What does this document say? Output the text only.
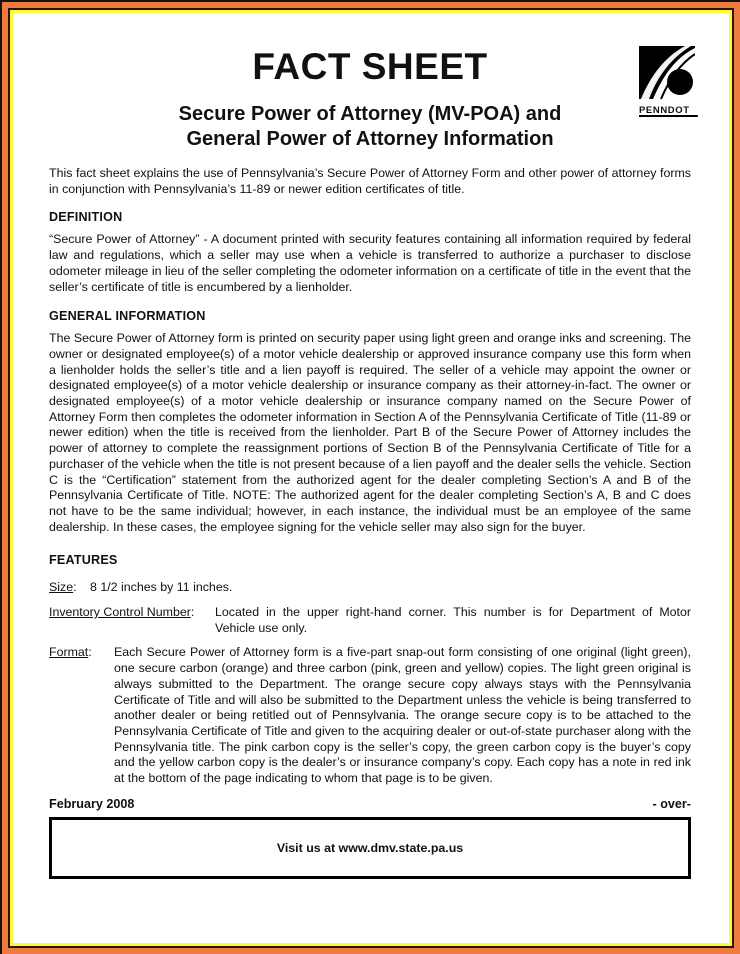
PENNDOT
FACT SHEET
Secure Power of Attorney (MV-POA) and
General Power of Attorney Information

This fact sheet explains the use of Pennsylvania’s Secure Power of Attorney Form and other power of attorney forms in conjunction with Pennsylvania’s 11-89 or newer edition certificates of title.

DEFINITION

“Secure Power of Attorney” - A document printed with security features containing all information required by federal law and regulations, which a seller may use when a vehicle is transferred to authorize a purchaser to disclose odometer mileage in lieu of the seller completing the odometer information on a certificate of title in the event that the seller’s certificate of title is encumbered by a lienholder.

GENERAL INFORMATION

The Secure Power of Attorney form is printed on security paper using light green and orange inks and screening. The owner or designated employee(s) of a motor vehicle dealership or approved insurance company use this form when a lienholder holds the seller’s title and a lien payoff is required. The seller of a vehicle may appoint the owner or designated employee(s) of a motor vehicle dealership or insurance company as their attorney-in-fact. The owner or designated employee(s) of a motor vehicle dealership or insurance company named on the Secure Power of Attorney Form then completes the odometer information in Section A of the Pennsylvania Certificate of Title (11-89 or newer edition) when the title is received from the lienholder. Part B of the Secure Power of Attorney includes the power of attorney to complete the reassignment portions of Section B of the Pennsylvania Certificate of Title for a purchaser of the vehicle when the title is not present because of a lien payoff and the dealer sells the vehicle. Section C is the “Certification” statement from the authorized agent for the dealer completing Section’s A and B of the Pennsylvania Certificate of Title. NOTE: The authorized agent for the dealer completing Section’s A, B and C does not have to be the same individual; however, in each instance, the individual must be an employee of the same dealership. In these cases, the employee signing for the vehicle seller may also sign for the buyer.

FEATURES
Size: 8 1/2 inches by 11 inches.
Inventory Control Number: Located in the upper right-hand corner. This number is for Department of Motor Vehicle use only.
Format: Each Secure Power of Attorney form is a five-part snap-out form consisting of one original (light green), one secure carbon (orange) and three carbon (pink, green and yellow) copies. The light green original is always submitted to the Department. The orange secure copy always stays with the Pennsylvania Certificate of Title and will also be submitted to the Department unless the vehicle is being transferred to another dealer or being retitled out of Pennsylvania. The orange secure copy is to be attached to the Pennsylvania Certificate of Title and given to the acquiring dealer or out-of-state purchaser along with the Pennsylvania title. The pink carbon copy is the seller’s copy, the green carbon copy is the buyer’s copy and the yellow carbon copy is the dealer’s or insurance company’s copy. Each copy has a note in red ink at the bottom of the page indicating to whom that page is to be given.
February 2008	- over-
Visit us at www.dmv.state.pa.us
